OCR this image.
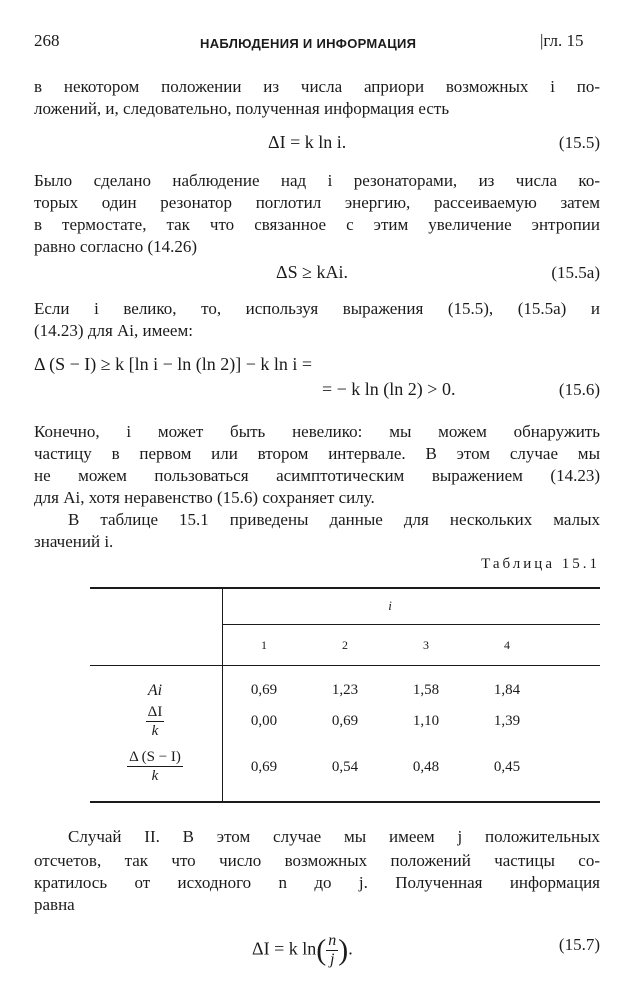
268	НАБЛЮДЕНИЯ И ИНФОРМАЦИЯ	|гл. 15
в некотором положении из числа априори возможных i по-
ложений, и, следовательно, полученная информация есть
ΔI = k ln i.	(15.5)
Было сделано наблюдение над i резонаторами, из числа ко-
торых один резонатор поглотил энергию, рассеиваемую затем
в термостате, так что связанное с этим увеличение энтропии
равно согласно (14.26)
ΔS ≥ kAi.	(15.5a)
Если i велико, то, используя выражения (15.5), (15.5a) и
(14.23) для Ai, имеем:
Δ (S − I) ≥ k [ln i − ln (ln 2)] − k ln i =
= − k ln (ln 2) > 0.	(15.6)
Конечно, i может быть невелико: мы можем обнаружить
частицу в первом или втором интервале. В этом случае мы
не можем пользоваться асимптотическим выражением (14.23)
для Ai, хотя неравенство (15.6) сохраняет силу.
В таблице 15.1 приведены данные для нескольких малых
значений i.
Таблица 15.1
i
1	2	3	4
Ai	0,69	1,23	1,58	1,84
$\frac{\Delta I}{k}$	0,00	0,69	1,10	1,39
$\frac{\Delta (S - I)}{k}$	0,69	0,54	0,48	0,45
Случай II. В этом случае мы имеем j положительных
отсчетов, так что число возможных положений частицы со-
кратилось от исходного n до j. Полученная информация
равна
ΔI = k $\ln( \frac{n}{j}$ ).	(15.7)
